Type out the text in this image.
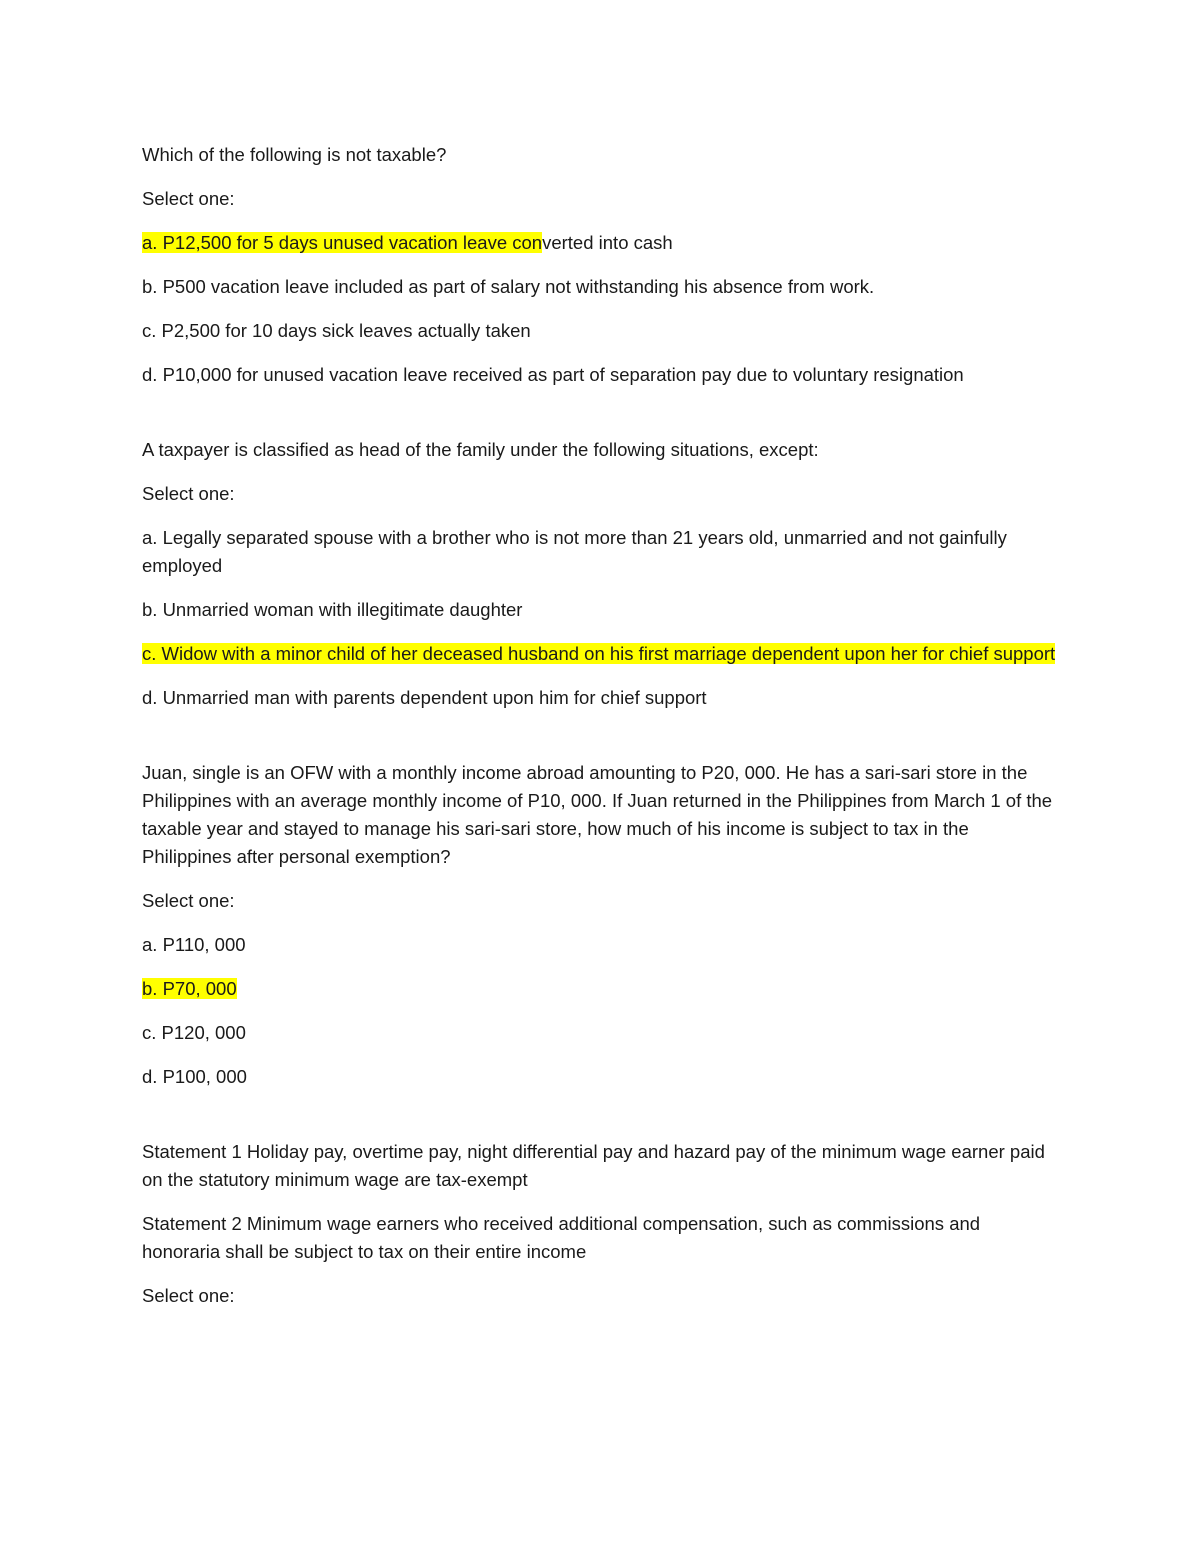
Which of the following is not taxable?

Select one:

a. P12,500 for 5 days unused vacation leave converted into cash

b. P500 vacation leave included as part of salary not withstanding his absence from work.

c. P2,500 for 10 days sick leaves actually taken

d. P10,000 for unused vacation leave received as part of separation pay due to voluntary resignation

A taxpayer is classified as head of the family under the following situations, except:

Select one:

a. Legally separated spouse with a brother who is not more than 21 years old, unmarried and not gainfully employed

b. Unmarried woman with illegitimate daughter

c. Widow with a minor child of her deceased husband on his first marriage dependent upon her for chief support

d. Unmarried man with parents dependent upon him for chief support

Juan, single is an OFW with a monthly income abroad amounting to P20, 000. He has a sari-sari store in the Philippines with an average monthly income of P10, 000. If Juan returned in the Philippines from March 1 of the taxable year and stayed to manage his sari-sari store, how much of his income is subject to tax in the Philippines after personal exemption?

Select one:

a. P110, 000

b. P70, 000

c. P120, 000

d. P100, 000

Statement 1 Holiday pay, overtime pay, night differential pay and hazard pay of the minimum wage earner paid on the statutory minimum wage are tax-exempt

Statement 2 Minimum wage earners who received additional compensation, such as commissions and honoraria shall be subject to tax on their entire income

Select one:
